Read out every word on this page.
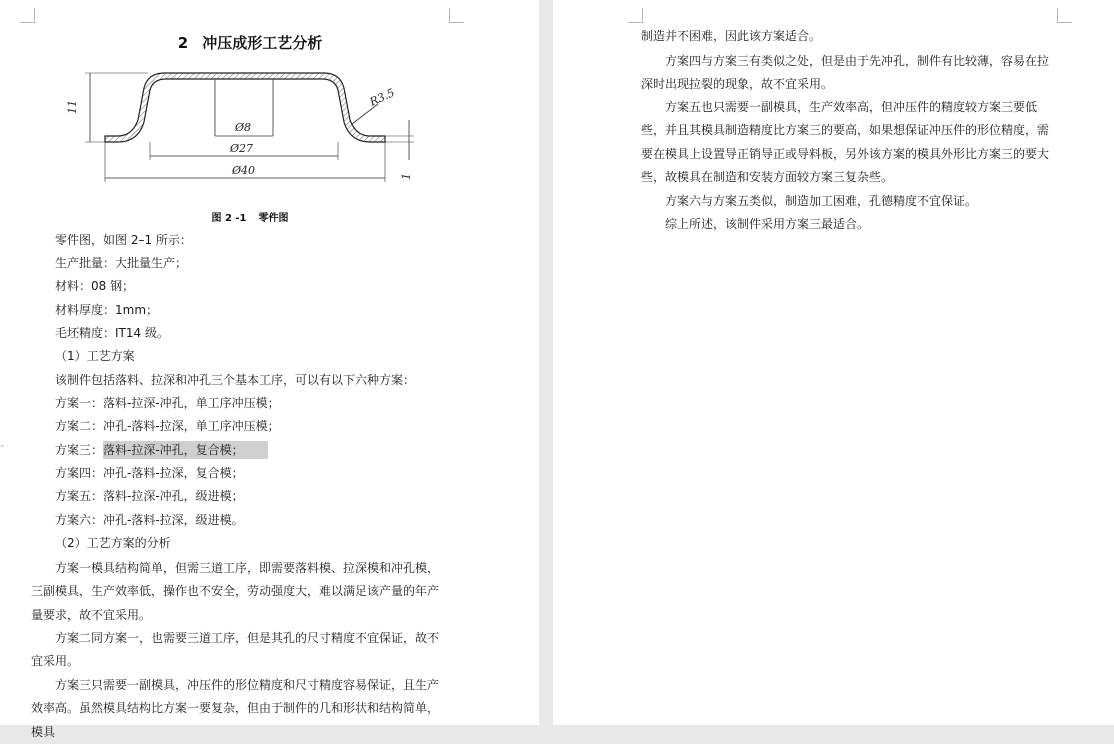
2 冲压成形工艺分析
11	R3.5
Ø8
Ø27
Ø40	1
图 2 -1 零件图
零件图，如图 2–1 所示：
生产批量：大批量生产；
材料：08 钢；
材料厚度：1mm；
毛坯精度：IT14 级。
（1）工艺方案
该制件包括落料、拉深和冲孔三个基本工序，可以有以下六种方案：
方案一：落料-拉深-冲孔，单工序冲压模；
方案二：冲孔-落料-拉深，单工序冲压模；
方案三：落料-拉深-冲孔，复合模；
方案四：冲孔-落料-拉深，复合模；
方案五：落料-拉深-冲孔，级进模；
方案六：冲孔-落料-拉深，级进模。
（2）工艺方案的分析

方案一模具结构简单，但需三道工序，即需要落料模、拉深模和冲孔模，三副模具，生产效率低，操作也不安全，劳动强度大，难以满足该产量的年产量要求，故不宜采用。

方案二同方案一，也需要三道工序，但是其孔的尺寸精度不宜保证，故不宜采用。

方案三只需要一副模具，冲压件的形位精度和尺寸精度容易保证，且生产效率高。虽然模具结构比方案一要复杂，但由于制件的几和形状和结构简单，模具

ˇ
制造并不困难，因此该方案适合。

方案四与方案三有类似之处，但是由于先冲孔，制件有比较薄，容易在拉深时出现拉裂的现象，故不宜采用。

方案五也只需要一副模具，生产效率高，但冲压件的精度较方案三要低些，并且其模具制造精度比方案三的要高，如果想保证冲压件的形位精度，需要在模具上设置导正销导正或导料板，另外该方案的模具外形比方案三的要大些，故模具在制造和安装方面较方案三复杂些。

方案六与方案五类似，制造加工困难，孔德精度不宜保证。

综上所述，该制件采用方案三最适合。
